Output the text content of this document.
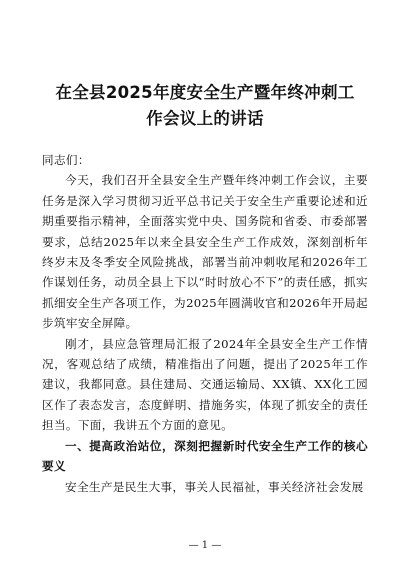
在全县2025年度安全生产暨年终冲刺工
作会议上的讲话

同志们：

今天，我们召开全县安全生产暨年终冲刺工作会议，主要任务是深入学习贯彻习近平总书记关于安全生产重要论述和近期重要指示精神，全面落实党中央、国务院和省委、市委部署要求，总结2025年以来全县安全生产工作成效，深刻剖析年终岁末及冬季安全风险挑战，部署当前冲刺收尾和2026年工作谋划任务，动员全县上下以“时时放心不下”的责任感，抓实抓细安全生产各项工作，为2025年圆满收官和2026年开局起步筑牢安全屏障。

刚才，县应急管理局汇报了2024年全县安全生产工作情况，客观总结了成绩，精准指出了问题，提出了2025年工作建议，我都同意。县住建局、交通运输局、XX镇、XX化工园区作了表态发言，态度鲜明、措施务实，体现了抓安全的责任担当。下面，我讲五个方面的意见。

一、提高政治站位，深刻把握新时代安全生产工作的核心要义

安全生产是民生大事，事关人民福祉，事关经济社会发展

— 1 —
